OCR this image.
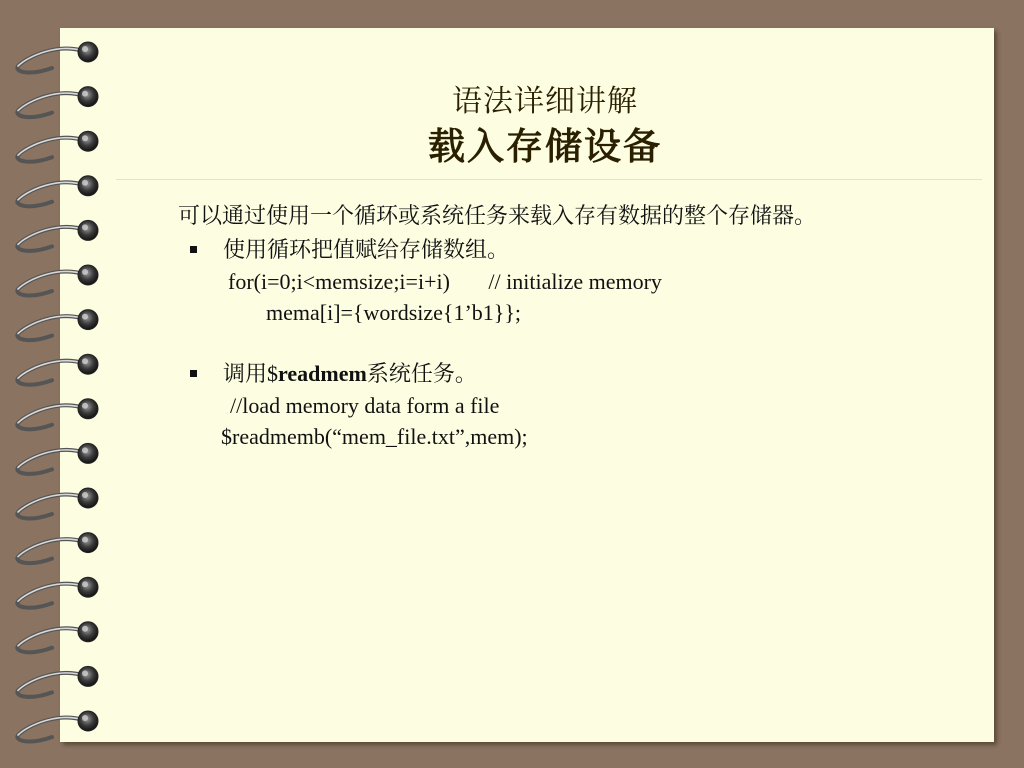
语法详细讲解
载入存储设备

可以通过使用一个循环或系统任务来载入存有数据的整个存储器。

使用循环把值赋给存储数组。
for(i=0;i<memsize;i=i+i)       // initialize memory
mema[i]={wordsize{1’b1}};
调用$readmem系统任务。
//load memory data form a file
$readmemb(“mem_file.txt”,mem);
